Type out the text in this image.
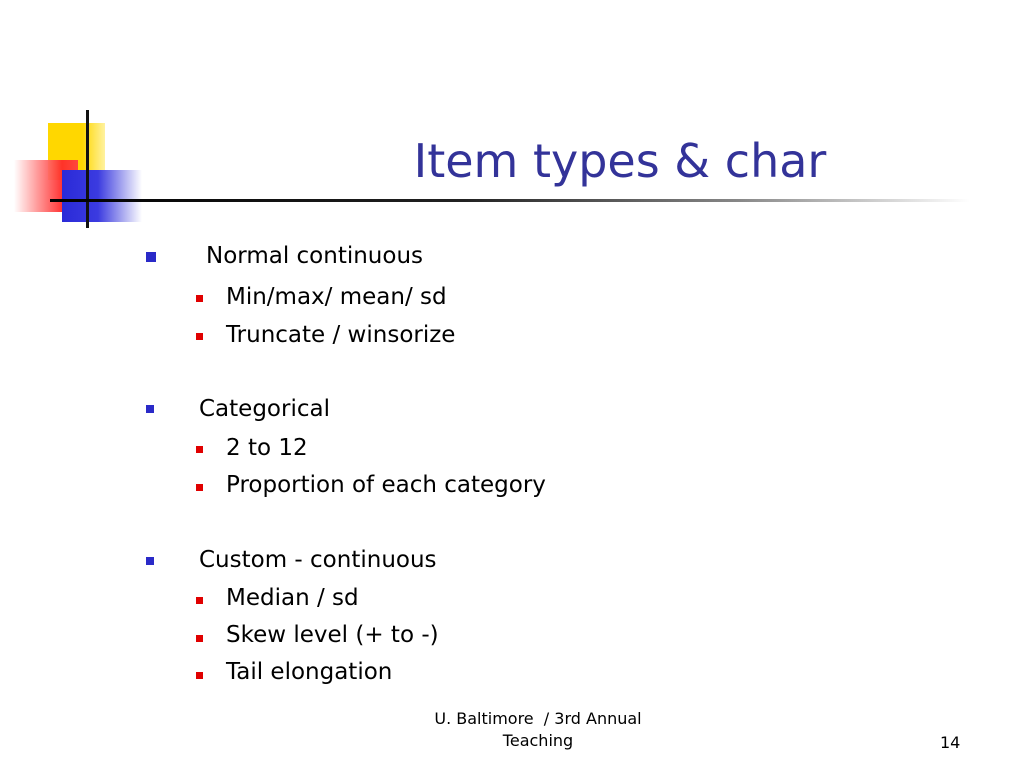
Item types & char
Normal continuous
Min/max/ mean/ sd
Truncate / winsorize
Categorical
2 to 12
Proportion of each category
Custom - continuous
Median / sd
Skew level (+ to -)
Tail elongation
U. Baltimore  / 3rd Annual
Teaching	14
